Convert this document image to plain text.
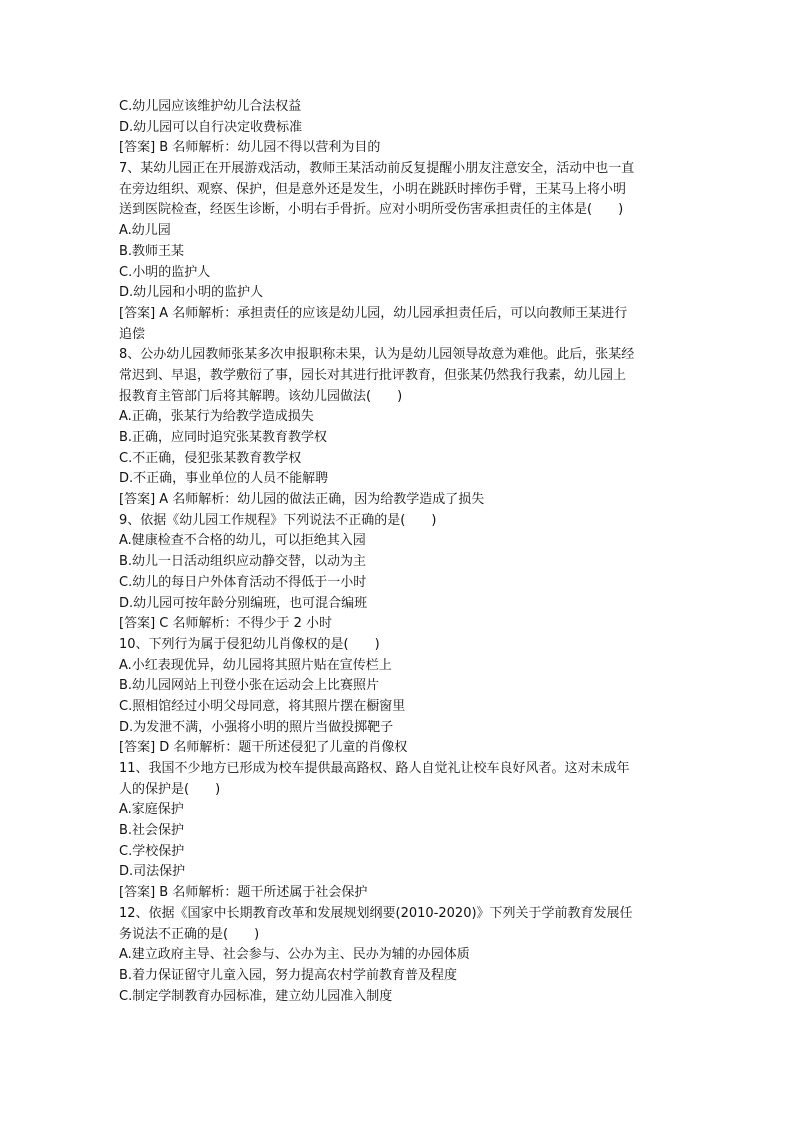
C.幼儿园应该维护幼儿合法权益
D.幼儿园可以自行决定收费标准
[答案] B 名师解析：幼儿园不得以营利为目的
7、某幼儿园正在开展游戏活动，教师王某活动前反复提醒小朋友注意安全，活动中也一直
在旁边组织、观察、保护，但是意外还是发生，小明在跳跃时摔伤手臂，王某马上将小明
送到医院检查，经医生诊断，小明右手骨折。应对小明所受伤害承担责任的主体是(　　)
A.幼儿园
B.教师王某
C.小明的监护人
D.幼儿园和小明的监护人
[答案] A 名师解析：承担责任的应该是幼儿园，幼儿园承担责任后，可以向教师王某进行
追偿
8、公办幼儿园教师张某多次申报职称未果，认为是幼儿园领导故意为难他。此后，张某经
常迟到、早退，教学敷衍了事，园长对其进行批评教育，但张某仍然我行我素，幼儿园上
报教育主管部门后将其解聘。该幼儿园做法(　　)
A.正确，张某行为给教学造成损失
B.正确，应同时追究张某教育教学权
C.不正确，侵犯张某教育教学权
D.不正确，事业单位的人员不能解聘
[答案] A 名师解析：幼儿园的做法正确，因为给教学造成了损失
9、依据《幼儿园工作规程》下列说法不正确的是(　　)
A.健康检查不合格的幼儿，可以拒绝其入园
B.幼儿一日活动组织应动静交替，以动为主
C.幼儿的每日户外体育活动不得低于一小时
D.幼儿园可按年龄分别编班，也可混合编班
[答案] C 名师解析：不得少于 2 小时
10、下列行为属于侵犯幼儿肖像权的是(　　)
A.小红表现优异，幼儿园将其照片贴在宣传栏上
B.幼儿园网站上刊登小张在运动会上比赛照片
C.照相馆经过小明父母同意，将其照片摆在橱窗里
D.为发泄不满，小强将小明的照片当做投掷靶子
[答案] D 名师解析：题干所述侵犯了儿童的肖像权
11、我国不少地方已形成为校车提供最高路权、路人自觉礼让校车良好风者。这对未成年
人的保护是(　　)
A.家庭保护
B.社会保护
C.学校保护
D.司法保护
[答案] B 名师解析：题干所述属于社会保护
12、依据《国家中长期教育改革和发展规划纲要(2010-2020)》下列关于学前教育发展任
务说法不正确的是(　　)
A.建立政府主导、社会参与、公办为主、民办为辅的办园体质
B.着力保证留守儿童入园，努力提高农村学前教育普及程度
C.制定学制教育办园标准，建立幼儿园准入制度
